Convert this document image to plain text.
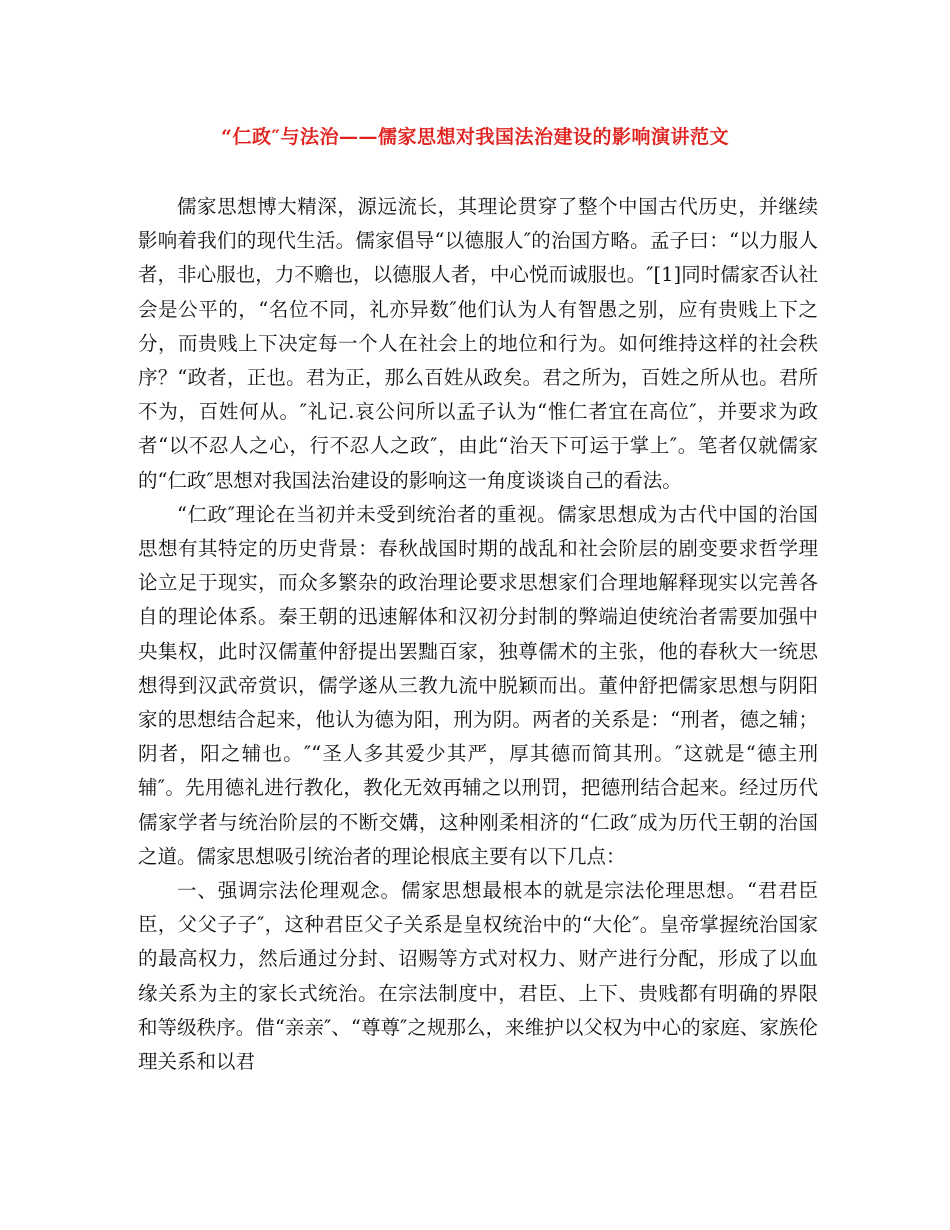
“仁政″与法治——儒家思想对我国法治建设的影响演讲范文

儒家思想博大精深，源远流长，其理论贯穿了整个中国古代历史，并继续影响着我们的现代生活。儒家倡导“以德服人″的治国方略。孟子曰：“以力服人者，非心服也，力不赡也，以德服人者，中心悦而诚服也。″[1]同时儒家否认社会是公平的，“名位不同，礼亦异数″他们认为人有智愚之别，应有贵贱上下之分，而贵贱上下决定每一个人在社会上的地位和行为。如何维持这样的社会秩序？“政者，正也。君为正，那么百姓从政矣。君之所为，百姓之所从也。君所不为，百姓何从。″礼记.哀公问所以孟子认为“惟仁者宜在高位″，并要求为政者“以不忍人之心，行不忍人之政″，由此“治天下可运于掌上″。笔者仅就儒家的“仁政″思想对我国法治建设的影响这一角度谈谈自己的看法。

“仁政″理论在当初并未受到统治者的重视。儒家思想成为古代中国的治国思想有其特定的历史背景：春秋战国时期的战乱和社会阶层的剧变要求哲学理论立足于现实，而众多繁杂的政治理论要求思想家们合理地解释现实以完善各自的理论体系。秦王朝的迅速解体和汉初分封制的弊端迫使统治者需要加强中央集权，此时汉儒董仲舒提出罢黜百家，独尊儒术的主张，他的春秋大一统思想得到汉武帝赏识，儒学遂从三教九流中脱颖而出。董仲舒把儒家思想与阴阳家的思想结合起来，他认为德为阳，刑为阴。两者的关系是：“刑者，德之辅；阴者，阳之辅也。″“圣人多其爱少其严，厚其德而简其刑。″这就是“德主刑辅″。先用德礼进行教化，教化无效再辅之以刑罚，把德刑结合起来。经过历代儒家学者与统治阶层的不断交媾，这种刚柔相济的“仁政″成为历代王朝的治国之道。儒家思想吸引统治者的理论根底主要有以下几点：

一、强调宗法伦理观念。儒家思想最根本的就是宗法伦理思想。“君君臣臣，父父子子″，这种君臣父子关系是皇权统治中的“大伦″。皇帝掌握统治国家的最高权力，然后通过分封、诏赐等方式对权力、财产进行分配，形成了以血缘关系为主的家长式统治。在宗法制度中，君臣、上下、贵贱都有明确的界限和等级秩序。借“亲亲″、“尊尊″之规那么，来维护以父权为中心的家庭、家族伦理关系和以君
